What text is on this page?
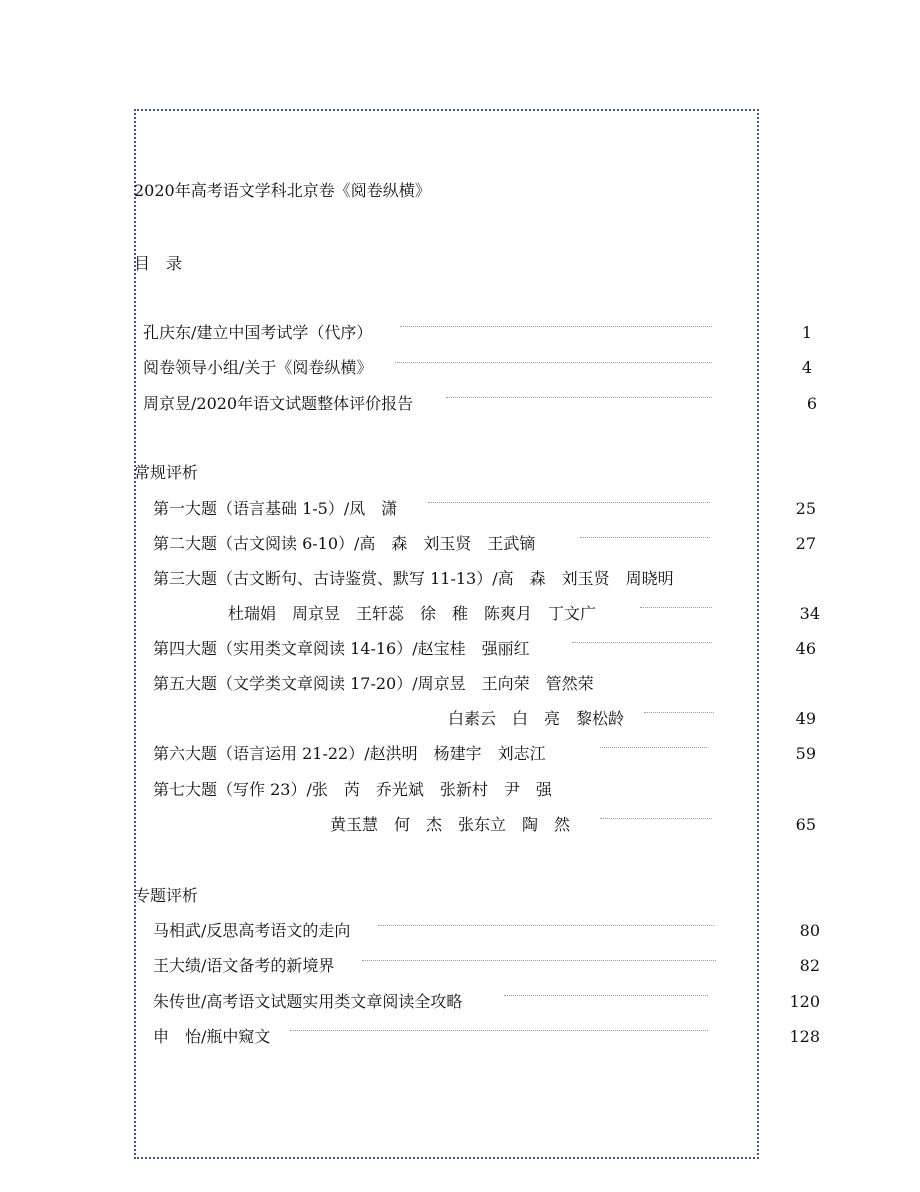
2020年高考语文学科北京卷《阅卷纵横》
目　录
孔庆东/建立中国考试学（代序）	1
阅卷领导小组/关于《阅卷纵横》	4
周京昱/2020年语文试题整体评价报告	6
常规评析
第一大题（语言基础 1-5）/凤　潇	25
第二大题（古文阅读 6-10）/高　森　刘玉贤　王武镝	27
第三大题（古文断句、古诗鉴赏、默写 11-13）/高　森　刘玉贤　周晓明
杜瑞娟　周京昱　王轩蕊　徐　稚　陈爽月　丁文广	34
第四大题（实用类文章阅读 14-16）/赵宝桂　强丽红	46
第五大题（文学类文章阅读 17-20）/周京昱　王向荣　管然荣
白素云　白　亮　黎松龄	49
第六大题（语言运用 21-22）/赵洪明　杨建宇　刘志江	59
第七大题（写作 23）/张　芮　乔光斌　张新村　尹　强
黄玉慧　何　杰　张东立　陶　然	65
专题评析
马相武/反思高考语文的走向	80
王大绩/语文备考的新境界	82
朱传世/高考语文试题实用类文章阅读全攻略	120
申　怡/瓶中窥文	128
